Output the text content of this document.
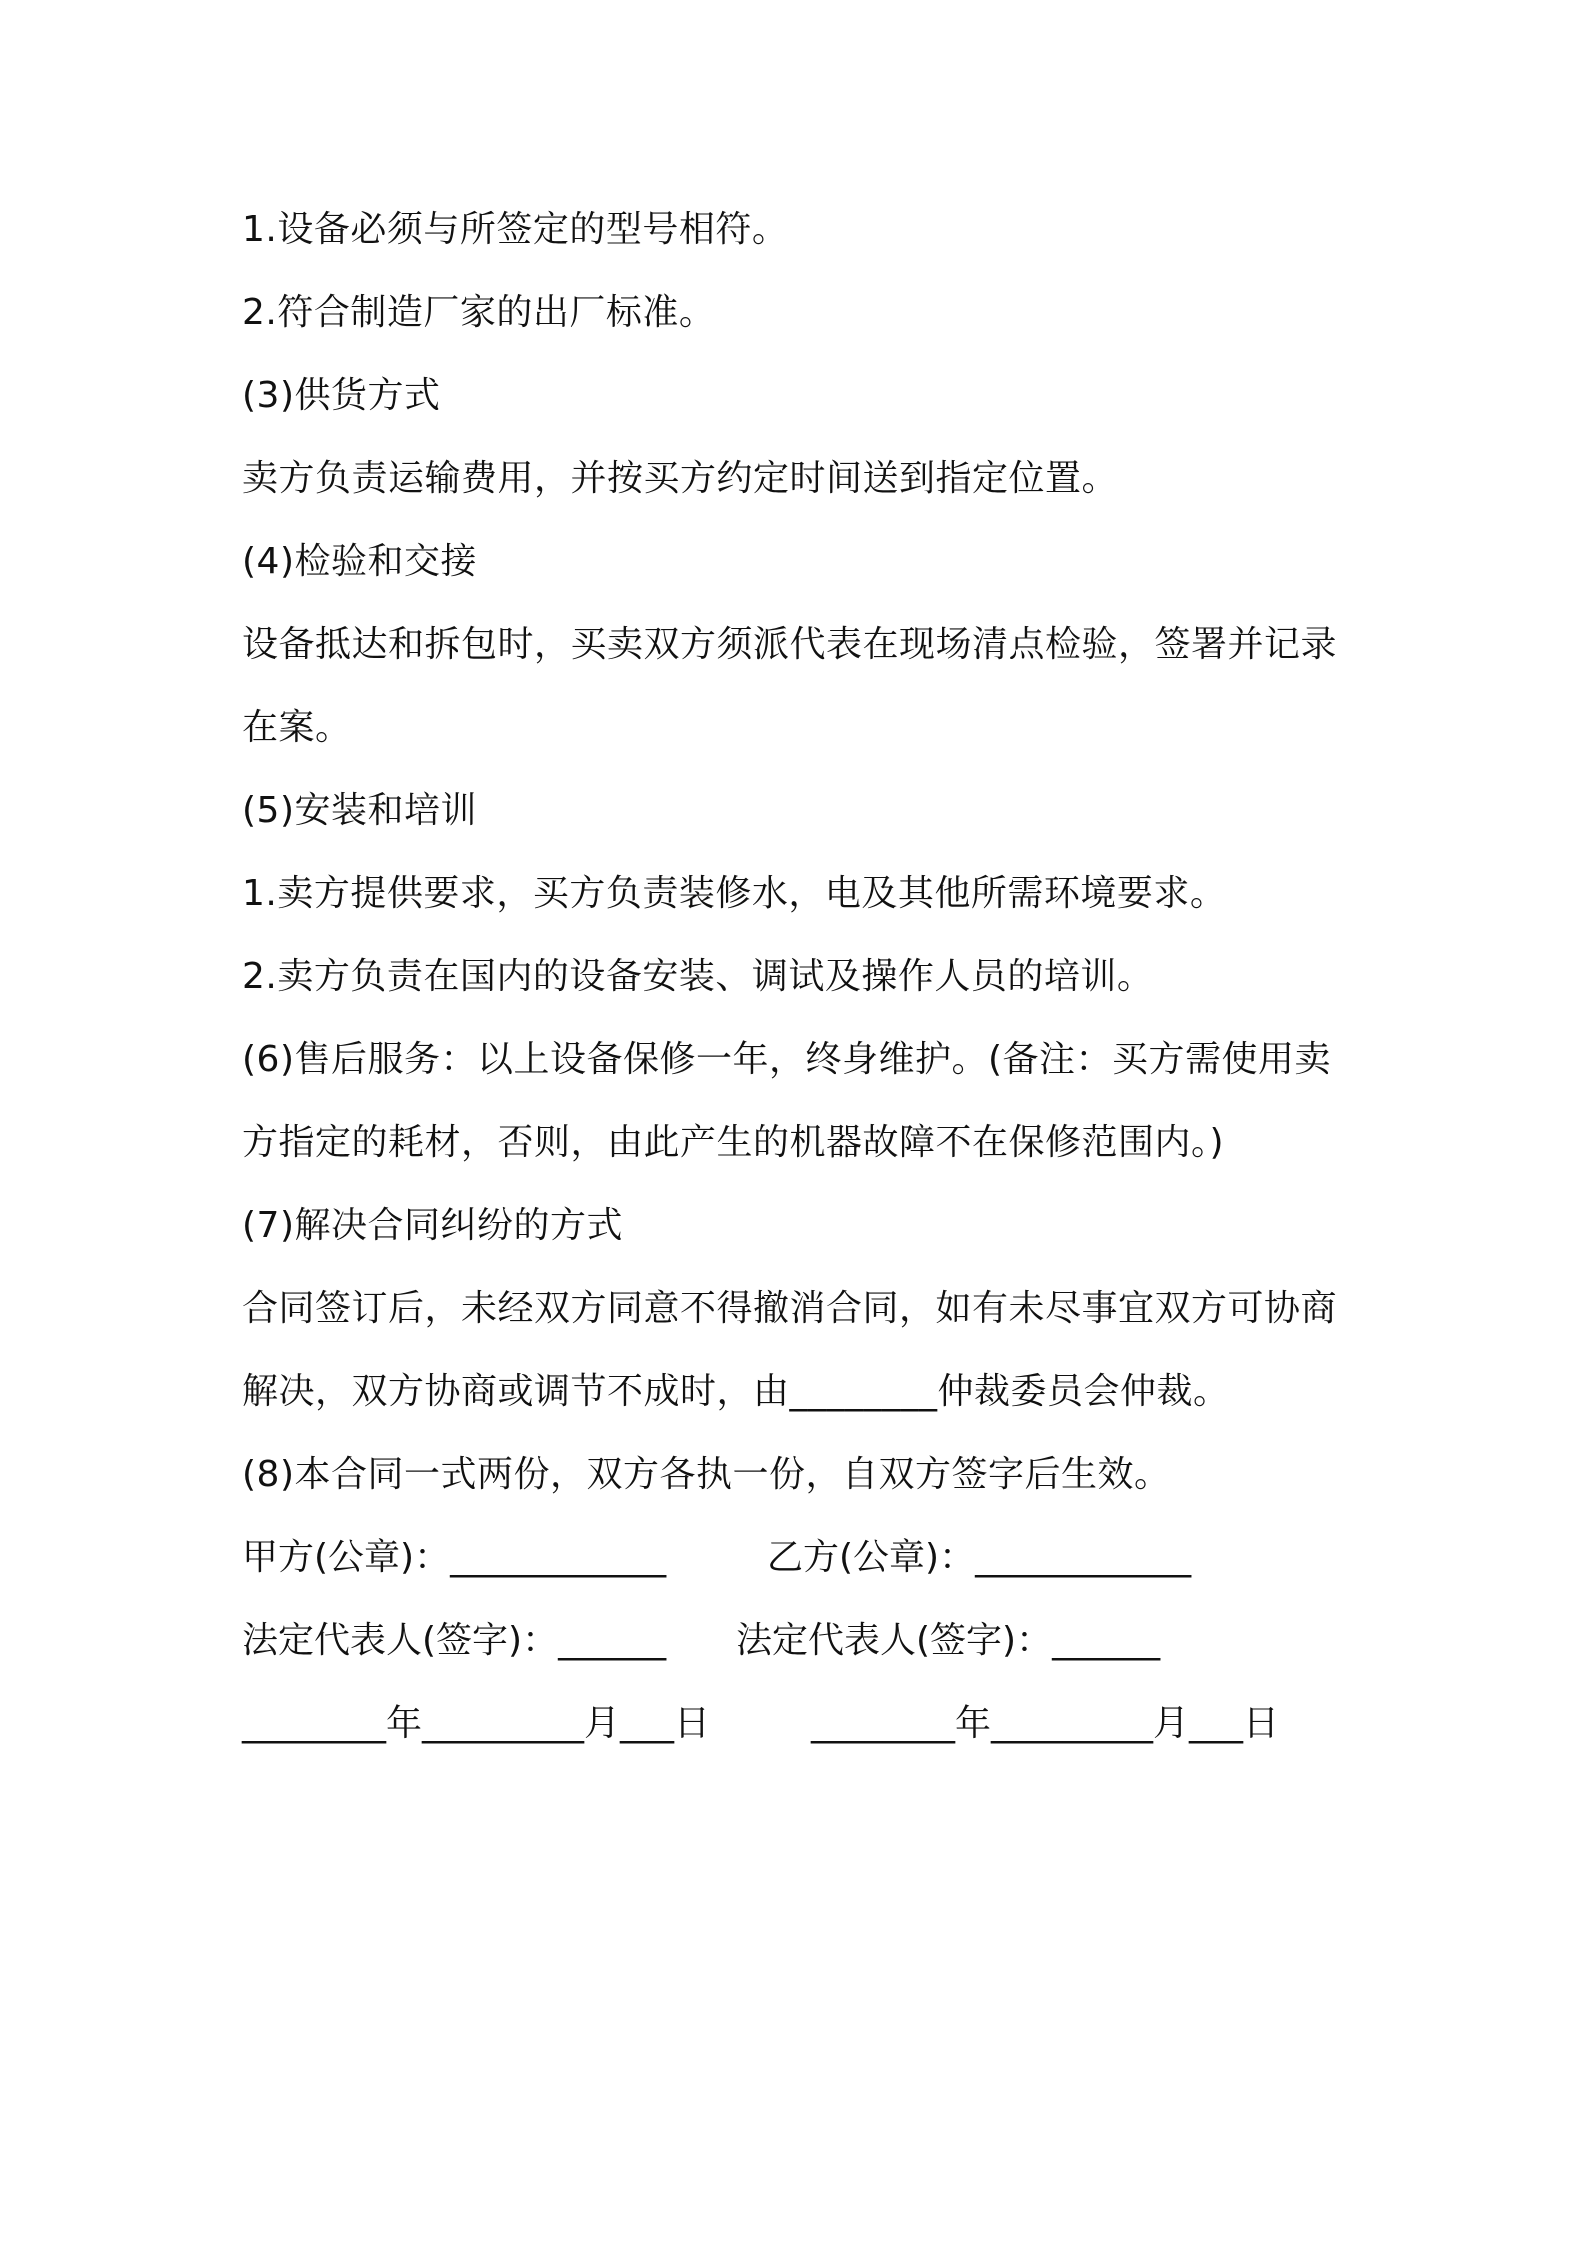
1.设备必须与所签定的型号相符。
2.符合制造厂家的出厂标准。
(3)供货方式
卖方负责运输费用，并按买方约定时间送到指定位置。
(4)检验和交接
设备抵达和拆包时，买卖双方须派代表在现场清点检验，签署并记录
在案。
(5)安装和培训
1.卖方提供要求，买方负责装修水，电及其他所需环境要求。
2.卖方负责在国内的设备安装、调试及操作人员的培训。
(6)售后服务：以上设备保修一年，终身维护。(备注：买方需使用卖
方指定的耗材，否则，由此产生的机器故障不在保修范围内。)
(7)解决合同纠纷的方式
合同签订后，未经双方同意不得撤消合同，如有未尽事宜双方可协商
解决，双方协商或调节不成时，由________仲裁委员会仲裁。
(8)本合同一式两份，双方各执一份，自双方签字后生效。
甲方(公章)：____________	乙方(公章)：____________
法定代表人(签字)：______ 法定代表人(签字)：______
________年_________月___日	________年_________月___日
